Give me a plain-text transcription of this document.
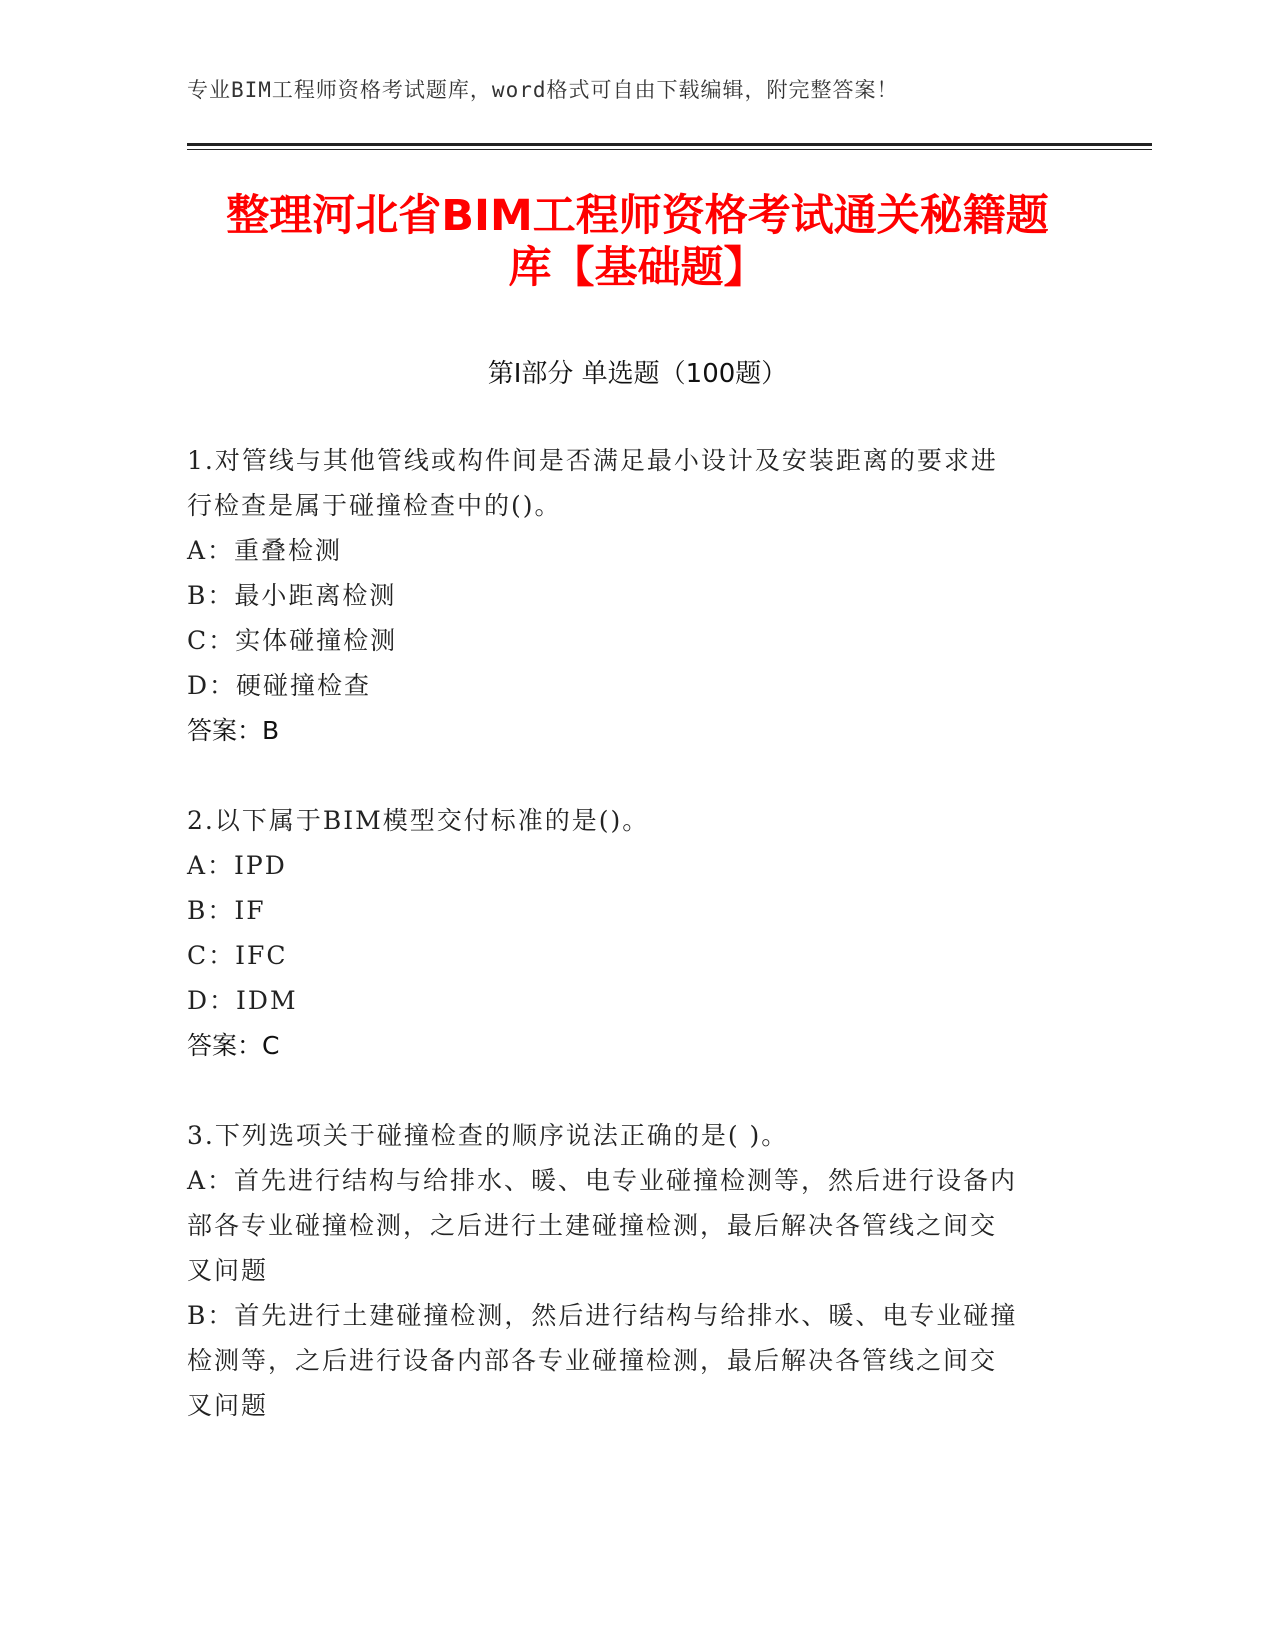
专业BIM工程师资格考试题库，word格式可自由下载编辑，附完整答案！
整理河北省BIM工程师资格考试通关秘籍题
库【基础题】
第Ⅰ部分 单选题（100题）
1.对管线与其他管线或构件间是否满足最小设计及安装距离的要求进
行检查是属于碰撞检查中的()。
A：重叠检测
B：最小距离检测
C：实体碰撞检测
D：硬碰撞检查
答案：B
2.以下属于BIM模型交付标准的是()。
A：IPD
B：IF
C：IFC
D：IDM
答案：C
3.下列选项关于碰撞检查的顺序说法正确的是( )。
A：首先进行结构与给排水、暖、电专业碰撞检测等，然后进行设备内
部各专业碰撞检测，之后进行土建碰撞检测，最后解决各管线之间交
叉问题
B：首先进行土建碰撞检测，然后进行结构与给排水、暖、电专业碰撞
检测等，之后进行设备内部各专业碰撞检测，最后解决各管线之间交
叉问题
